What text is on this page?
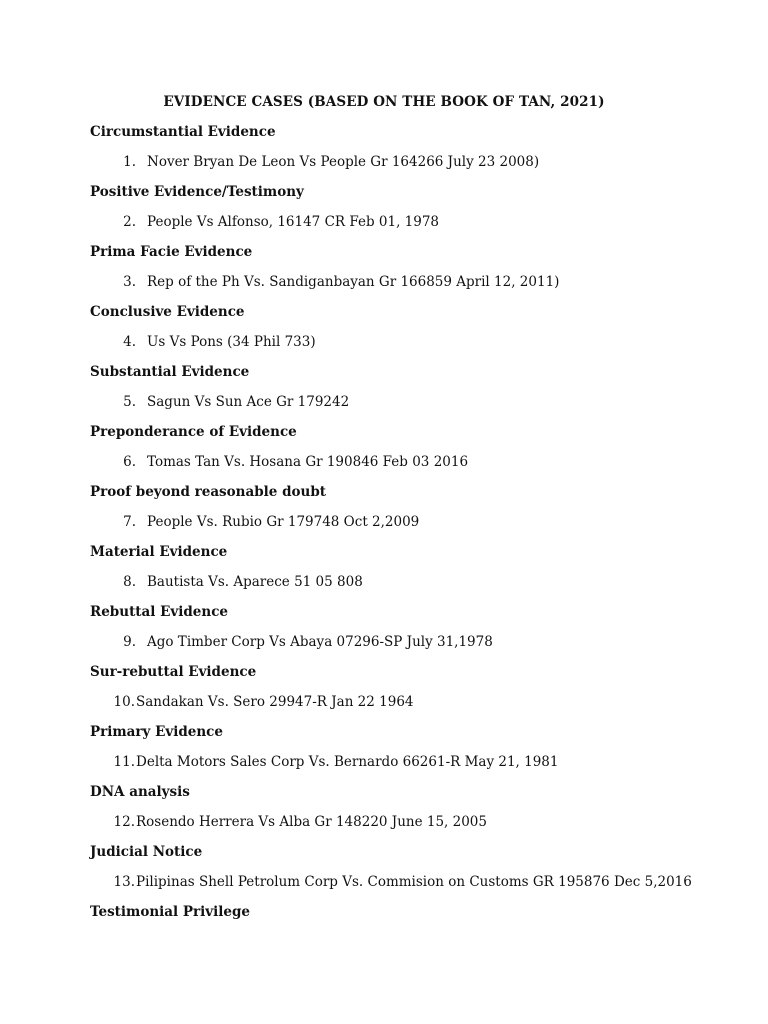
EVIDENCE CASES (BASED ON THE BOOK OF TAN, 2021)
Circumstantial Evidence
1. Nover Bryan De Leon Vs People Gr 164266 July 23 2008)
Positive Evidence/Testimony
2. People Vs Alfonso, 16147 CR Feb 01, 1978
Prima Facie Evidence
3. Rep of the Ph Vs. Sandiganbayan Gr 166859 April 12, 2011)
Conclusive Evidence
4. Us Vs Pons (34 Phil 733)
Substantial Evidence
5. Sagun Vs Sun Ace Gr 179242
Preponderance of Evidence
6. Tomas Tan Vs. Hosana Gr 190846 Feb 03 2016
Proof beyond reasonable doubt
7. People Vs. Rubio Gr 179748 Oct 2,2009
Material Evidence
8. Bautista Vs. Aparece 51 05 808
Rebuttal Evidence
9. Ago Timber Corp Vs Abaya 07296-SP July 31,1978
Sur-rebuttal Evidence
10.Sandakan Vs. Sero 29947-R Jan 22 1964
Primary Evidence
11.Delta Motors Sales Corp Vs. Bernardo 66261-R May 21, 1981
DNA analysis
12.Rosendo Herrera Vs Alba Gr 148220 June 15, 2005
Judicial Notice
13.Pilipinas Shell Petrolum Corp Vs. Commision on Customs GR 195876 Dec 5,2016
Testimonial Privilege
